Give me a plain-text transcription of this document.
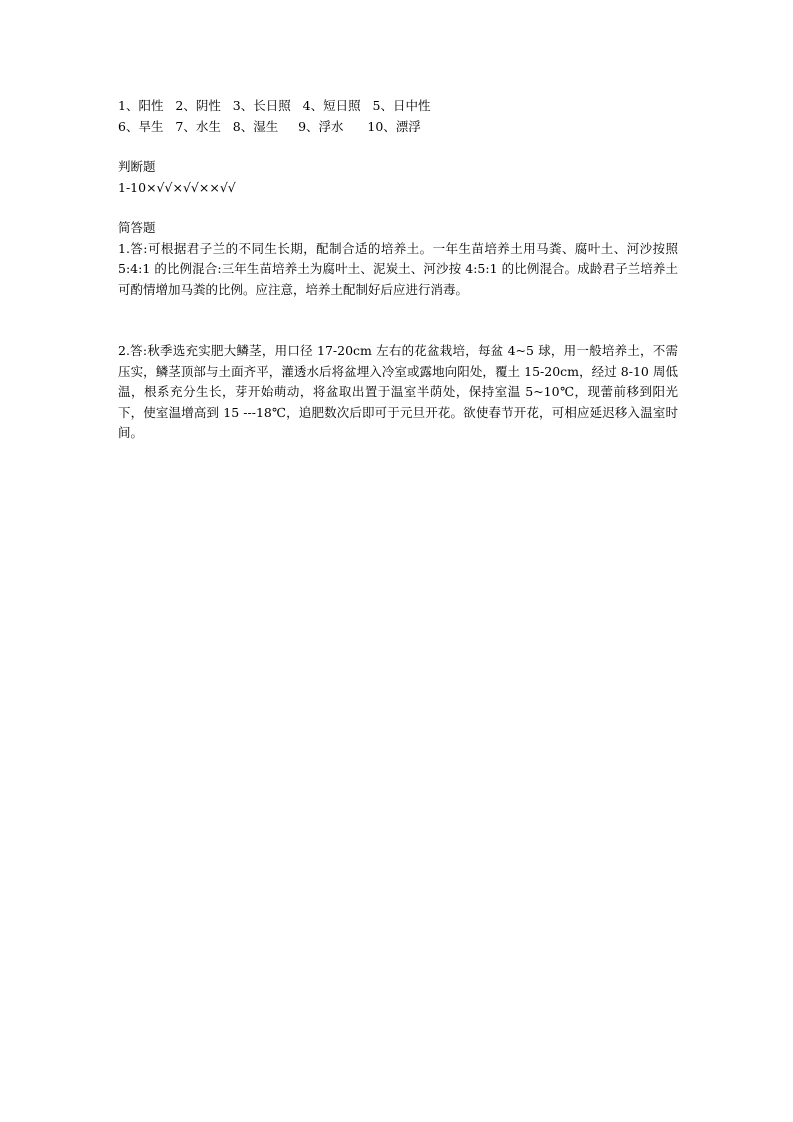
1、阳性   2、阴性   3、长日照   4、短日照   5、日中性
6、旱生   7、水生   8、湿生     9、浮水      10、漂浮
判断题
1-10×√√×√√××√√
简答题
1.答:可根据君子兰的不同生长期，配制合适的培养土。一年生苗培养土用马粪、腐叶土、河沙按照 5:4:1 的比例混合:三年生苗培养土为腐叶土、泥炭土、河沙按 4:5:1 的比例混合。成龄君子兰培养土可酌情增加马粪的比例。应注意，培养土配制好后应进行消毒。
2.答:秋季选充实肥大鳞茎，用口径 17-20cm 左右的花盆栽培，每盆 4~5 球，用一般培养土，不需压实，鳞茎顶部与土面齐平，灌透水后将盆埋入冷室或露地向阳处，覆土 15-20cm，经过 8-10 周低温，根系充分生长，芽开始萌动，将盆取出置于温室半荫处，保持室温 5~10℃，现蕾前移到阳光下，使室温增高到 15 ---18℃，追肥数次后即可于元旦开花。欲使春节开花，可相应延迟移入温室时间。
